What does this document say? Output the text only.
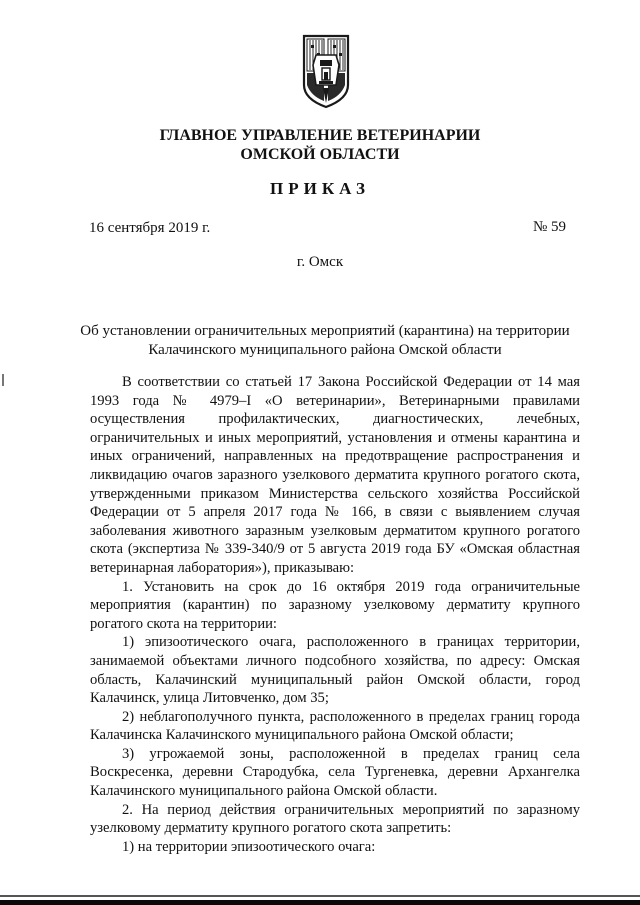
ГЛАВНОЕ УПРАВЛЕНИЕ ВЕТЕРИНАРИИ
ОМСКОЙ ОБЛАСТИ
ПРИКАЗ
16 сентября 2019 г.	№ 59
г. Омск
Об установлении ограничительных мероприятий (карантина) на территории
Калачинского муниципального района Омской области
В соответствии со статьей 17 Закона Российской Федерации от 14 мая
1993 года № 4979–I «О ветеринарии», Ветеринарными правилами
осуществления профилактических, диагностических, лечебных,
ограничительных и иных мероприятий, установления и отмены карантина и
иных ограничений, направленных на предотвращение распространения и
ликвидацию очагов заразного узелкового дерматита крупного рогатого скота,
утвержденными приказом Министерства сельского хозяйства Российской
Федерации от 5 апреля 2017 года № 166, в связи с выявлением случая
заболевания животного заразным узелковым дерматитом крупного рогатого
скота (экспертиза № 339-340/9 от 5 августа 2019 года БУ «Омская областная
ветеринарная лаборатория»), приказываю:
1. Установить на срок до 16 октября 2019 года ограничительные
мероприятия (карантин) по заразному узелковому дерматиту крупного
рогатого скота на территории:
1) эпизоотического очага, расположенного в границах территории,
занимаемой объектами личного подсобного хозяйства, по адресу: Омская
область, Калачинский муниципальный район Омской области, город
Калачинск, улица Литовченко, дом 35;
2) неблагополучного пункта, расположенного в пределах границ города
Калачинска Калачинского муниципального района Омской области;
3) угрожаемой зоны, расположенной в пределах границ села
Воскресенка, деревни Стародубка, села Тургеневка, деревни Архангелка
Калачинского муниципального района Омской области.
2. На период действия ограничительных мероприятий по заразному
узелковому дерматиту крупного рогатого скота запретить:
1) на территории эпизоотического очага:
